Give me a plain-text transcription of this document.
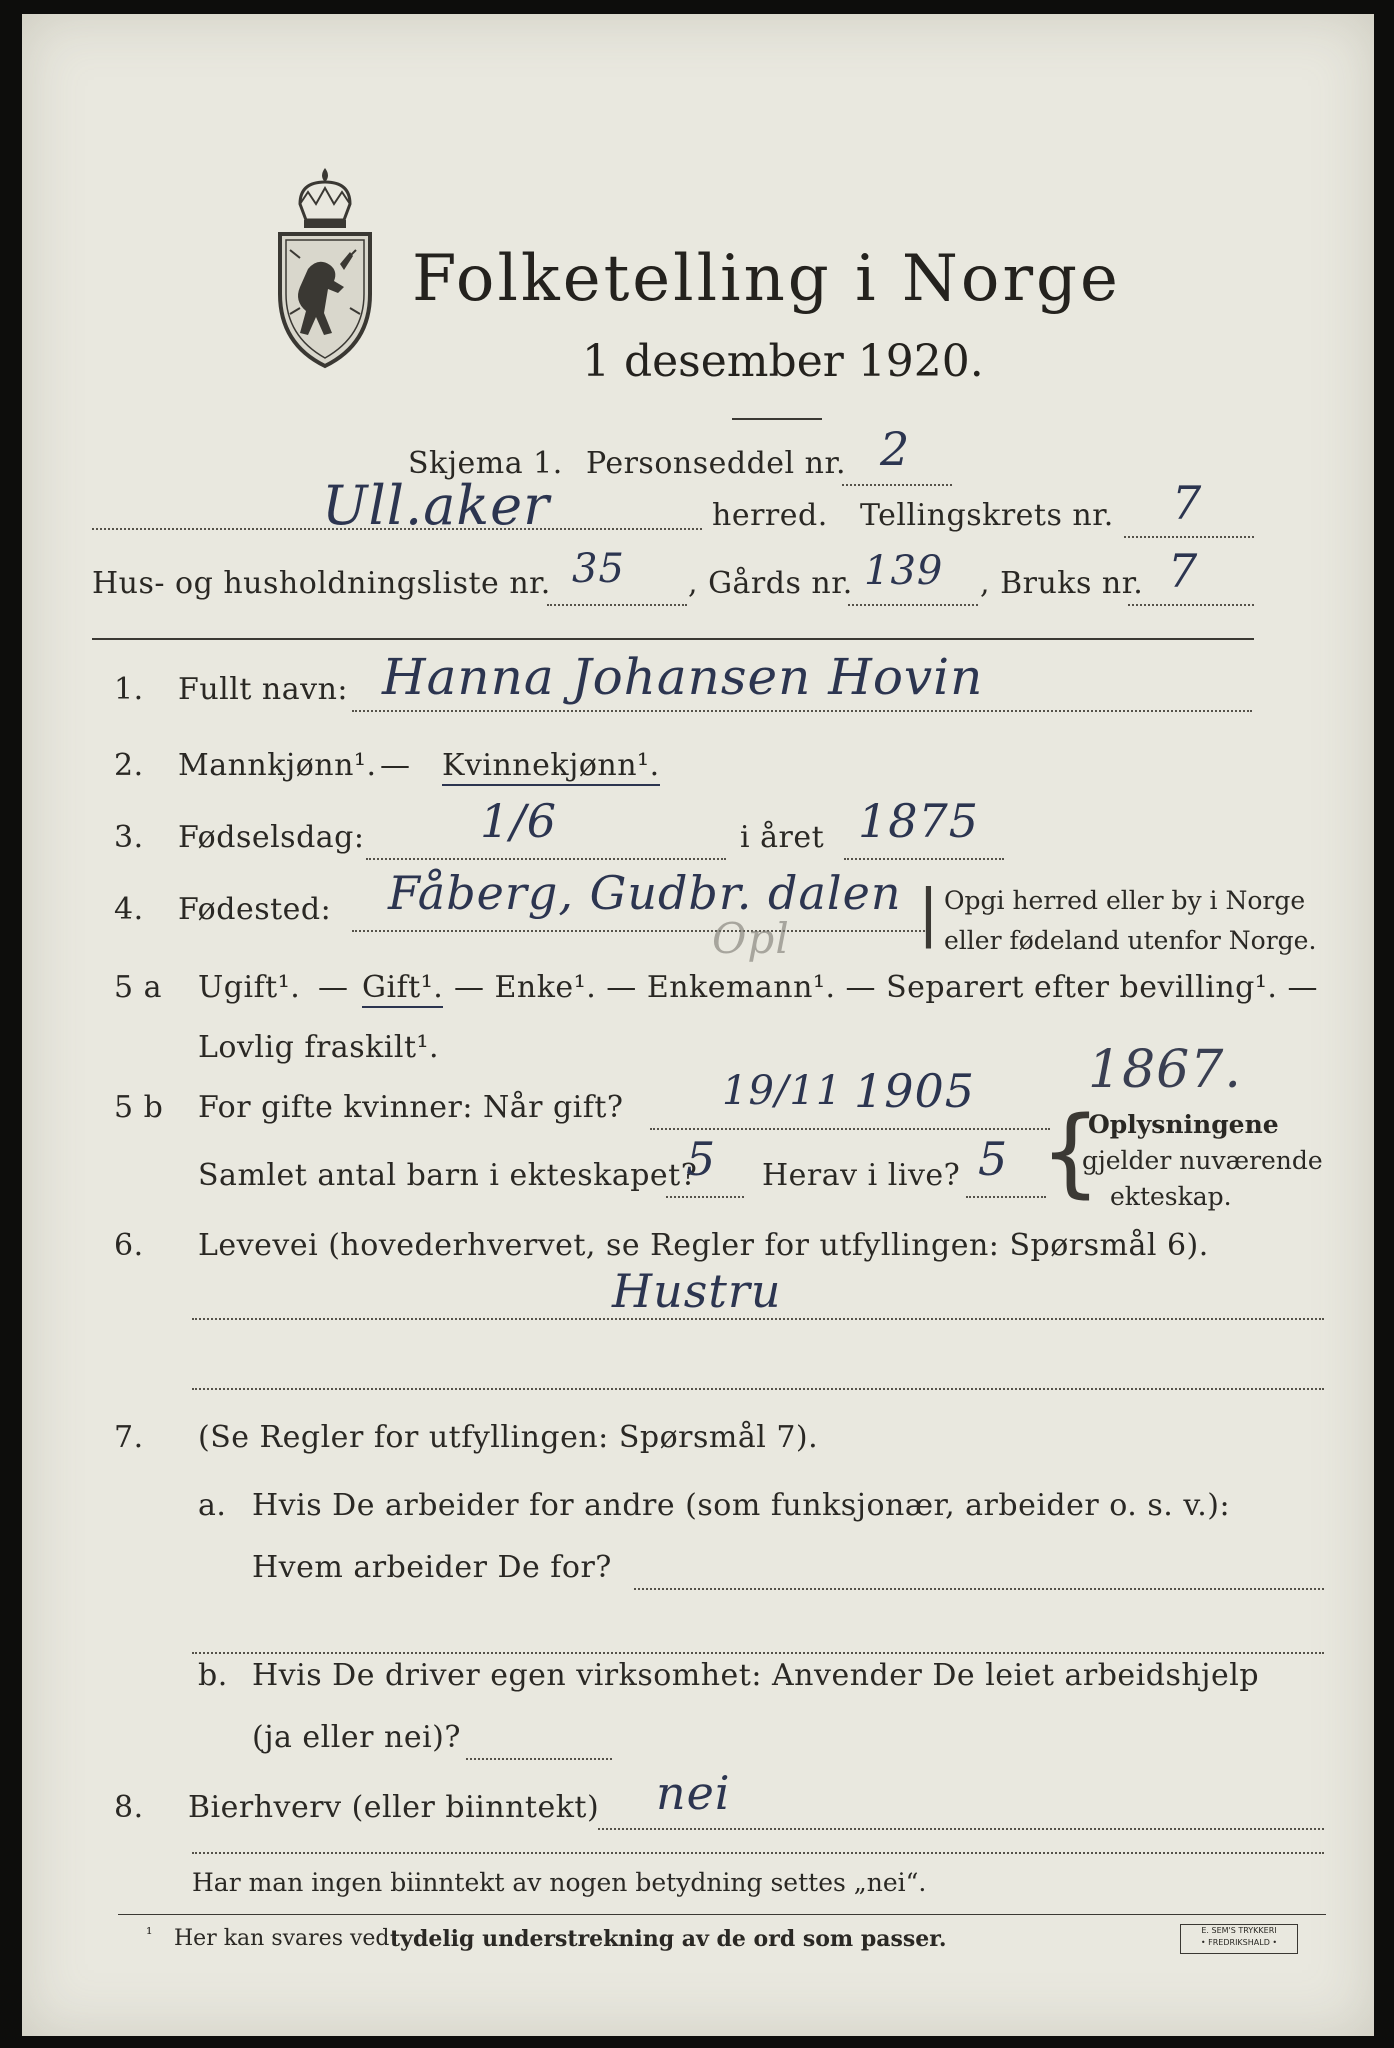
Folketelling i Norge
1 desember 1920.
Skjema 1. Personseddel nr. 2
Ull.aker	herred. Tellingskrets nr. 7
Hus- og husholdningsliste nr. 35 , Gårds nr. 139 , Bruks nr. 7
1. Fullt navn: Hanna Johansen Hovin
2. Mannkjønn¹. — Kvinnekjønn¹.
3. Fødselsdag:	1/6	i året 1875
4. Fødested: Fåberg, Gudbr. dalen
Opl | Opgi herred eller by i Norge
eller fødeland utenfor Norge.
5 a Ugift¹. — Gift¹. — Enke¹. — Enkemann¹. — Separert efter bevilling¹. —
Lovlig fraskilt¹.
5 b For gifte kvinner: Når gift? 19/11 1905 1867.
{
Oplysningene
gjelder nuværende
ekteskap.
Samlet antal barn i ekteskapet?
5 Herav i live? 5
6. Levevei (hovederhvervet, se Regler for utfyllingen: Spørsmål 6).
Hustru
7. (Se Regler for utfyllingen: Spørsmål 7).
a. Hvis De arbeider for andre (som funksjonær, arbeider o. s. v.):
Hvem arbeider De for?
b. Hvis De driver egen virksomhet: Anvender De leiet arbeidshjelp
(ja eller nei)?
8. Bierhverv (eller biinntekt) nei
Har man ingen biinntekt av nogen betydning settes „nei“.
¹ Her kan svares ved tydelig understrekning av de ord som passer.	E. SEM'S TRYKKERI
• FREDRIKSHALD •
